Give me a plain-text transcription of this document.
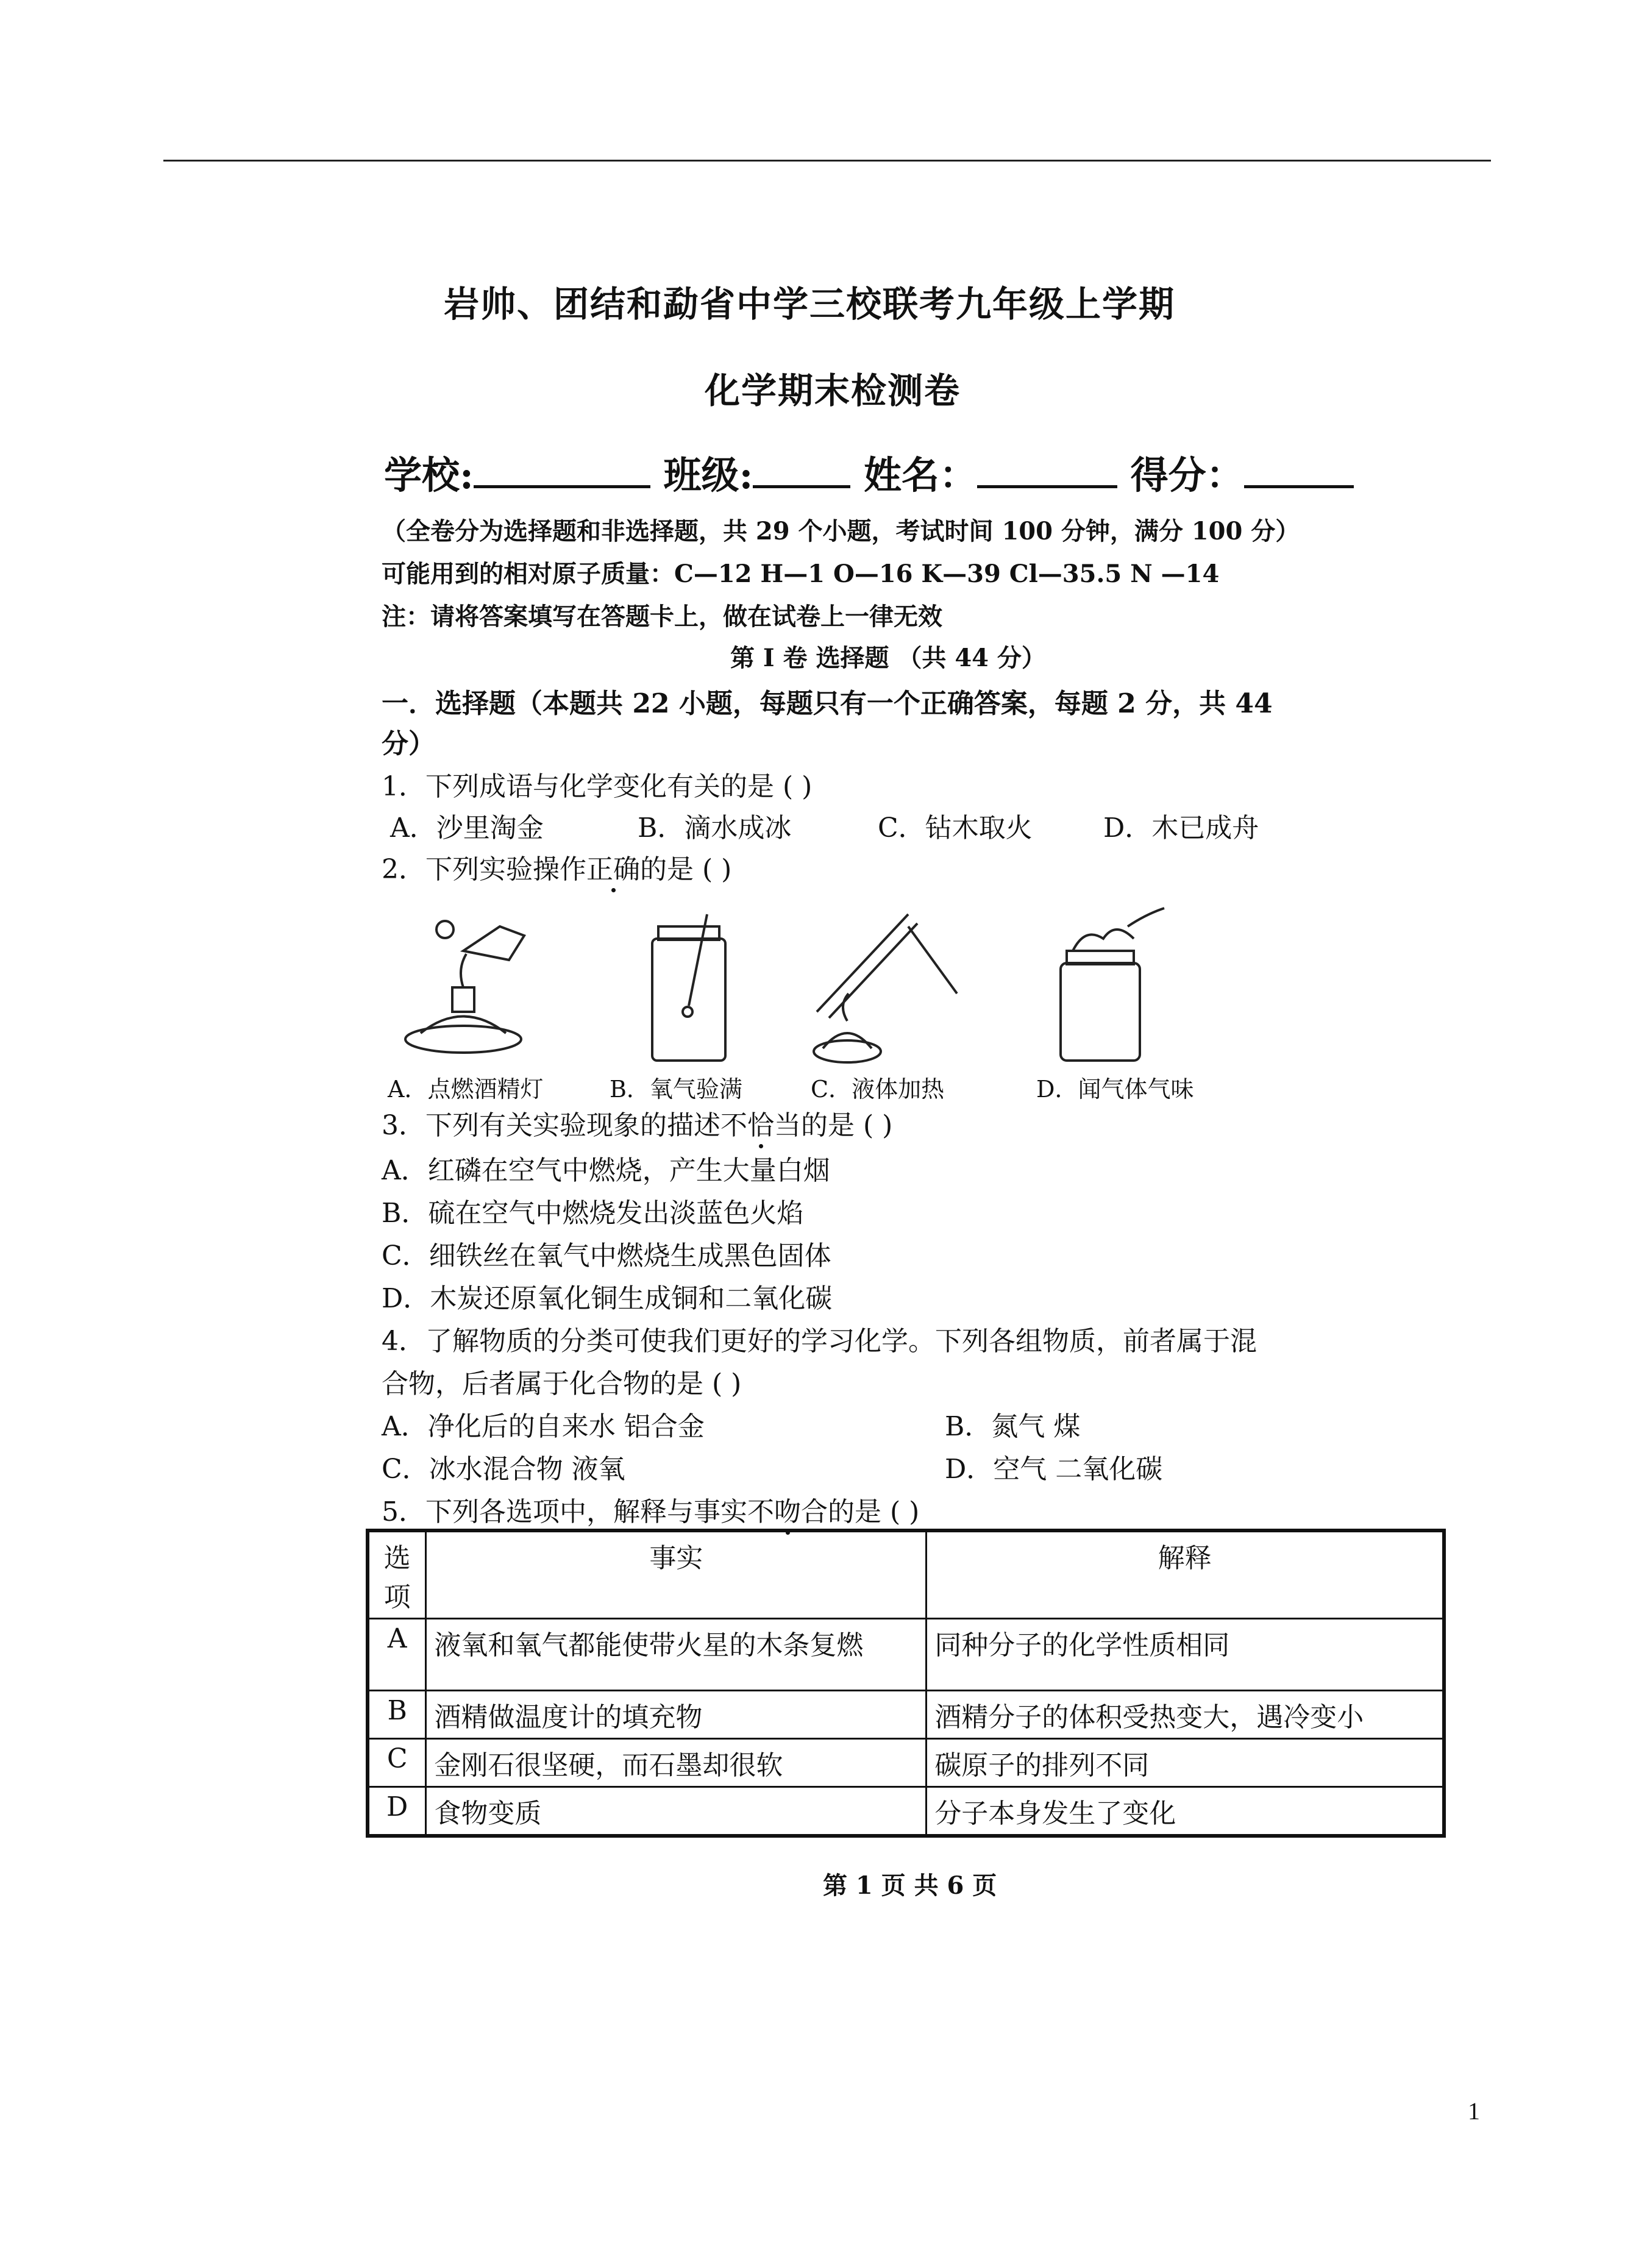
岩帅、团结和勐省中学三校联考九年级上学期
化学期末检测卷
学校:	班级:	姓名：	得分：
（全卷分为选择题和非选择题，共 29 个小题，考试时间 100 分钟，满分 100 分）
可能用到的相对原子质量：C—12 H—1 O—16 K—39 Cl—35.5 N —14
注：请将答案填写在答题卡上，做在试卷上一律无效
第 I 卷 选择题 （共 44 分）
一．选择题（本题共 22 小题，每题只有一个正确答案，每题 2 分，共 44
分）
1．下列成语与化学变化有关的是 ( )
A．沙里淘金	B．滴水成冰	C．钻木取火	D．木已成舟
2．下列实验操作正确的是 ( )
A．点燃酒精灯	B．氧气验满	C．液体加热	D．闻气体气味
3．下列有关实验现象的描述不恰当的是 ( )
A．红磷在空气中燃烧，产生大量白烟
B．硫在空气中燃烧发出淡蓝色火焰
C．细铁丝在氧气中燃烧生成黑色固体
D．木炭还原氧化铜生成铜和二氧化碳
4．了解物质的分类可使我们更好的学习化学。下列各组物质，前者属于混
合物，后者属于化合物的是 ( )
A．净化后的自来水 铝合金	B．氮气 煤
C．冰水混合物 液氧	D．空气 二氧化碳
5．下列各选项中，解释与事实不吻合的是 ( )
选项	事实	解释
A	液氧和氧气都能使带火星的木条复燃	同种分子的化学性质相同
B	酒精做温度计的填充物	酒精分子的体积受热变大，遇冷变小
C	金刚石很坚硬，而石墨却很软	碳原子的排列不同
D	食物变质	分子本身发生了变化
第 1 页 共 6 页
1
